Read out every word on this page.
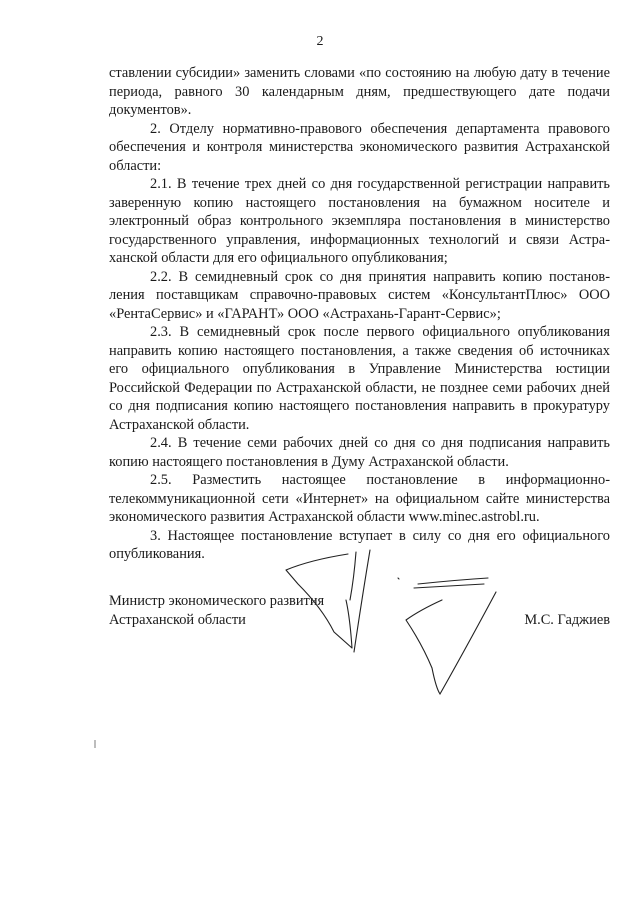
2

ставлении субсидии» заменить словами «по состоянию на любую дату в течение периода, равного 30 календарным дням, предшествующего дате подачи документов».

2. Отделу нормативно-правового обеспечения департамента правового обеспечения и контроля министерства экономического развития Астраханской области:

2.1. В течение трех дней со дня государственной регистрации направить заверенную копию настоящего постановления на бумажном носителе и электронный образ контрольного экземпляра постановления в министерство государственного управления, информационных технологий и связи Астраханской области для его официального опубликования;

2.2. В семидневный срок со дня принятия направить копию постановления поставщикам справочно-правовых систем «КонсультантПлюс» ООО «РентаСервис» и «ГАРАНТ» ООО «Астрахань-Гарант-Сервис»;

2.3. В семидневный срок после первого официального опубликования направить копию настоящего постановления, а также сведения об источниках его официального опубликования в Управление Министерства юстиции Российской Федерации по Астраханской области, не позднее семи рабочих дней со дня подписания копию настоящего постановления направить в прокуратуру Астраханской области.

2.4. В течение семи рабочих дней со дня со дня подписания направить копию настоящего постановления в Думу Астраханской области.

2.5. Разместить настоящее постановление в информационно-телекоммуникационной сети «Интернет» на официальном сайте министерства экономического развития Астраханской области www.minec.astrobl.ru.

3. Настоящее постановление вступает в силу со дня его официального опубликования.

Министр экономического развития
Астраханской области	М.С. Гаджиев
